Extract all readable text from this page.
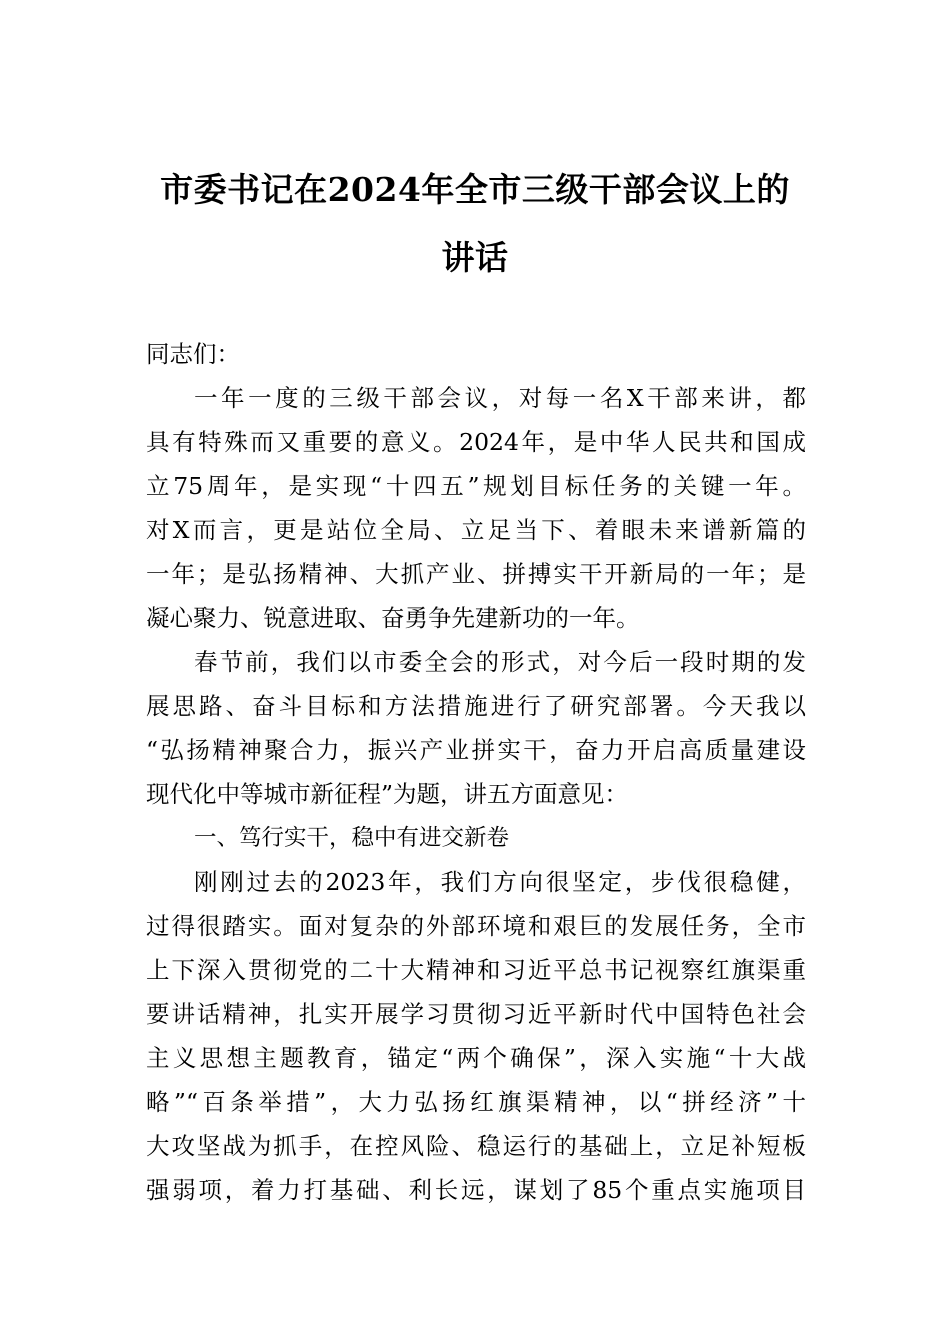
市委书记在2024年全市三级干部会议上的
讲话
同志们：
一年一度的三级干部会议，对每一名X干部来讲，都
具有特殊而又重要的意义。2024年，是中华人民共和国成
立75周年，是实现“十四五”规划目标任务的关键一年。
对X而言，更是站位全局、立足当下、着眼未来谱新篇的
一年；是弘扬精神、大抓产业、拼搏实干开新局的一年；是
凝心聚力、锐意进取、奋勇争先建新功的一年。
春节前，我们以市委全会的形式，对今后一段时期的发
展思路、奋斗目标和方法措施进行了研究部署。今天我以
“弘扬精神聚合力，振兴产业拼实干，奋力开启高质量建设
现代化中等城市新征程”为题，讲五方面意见：
一、笃行实干，稳中有进交新卷
刚刚过去的2023年，我们方向很坚定，步伐很稳健，
过得很踏实。面对复杂的外部环境和艰巨的发展任务，全市
上下深入贯彻党的二十大精神和习近平总书记视察红旗渠重
要讲话精神，扎实开展学习贯彻习近平新时代中国特色社会
主义思想主题教育，锚定“两个确保”，深入实施“十大战
略”“百条举措”，大力弘扬红旗渠精神，以“拼经济”十
大攻坚战为抓手，在控风险、稳运行的基础上，立足补短板
强弱项，着力打基础、利长远，谋划了85个重点实施项目
